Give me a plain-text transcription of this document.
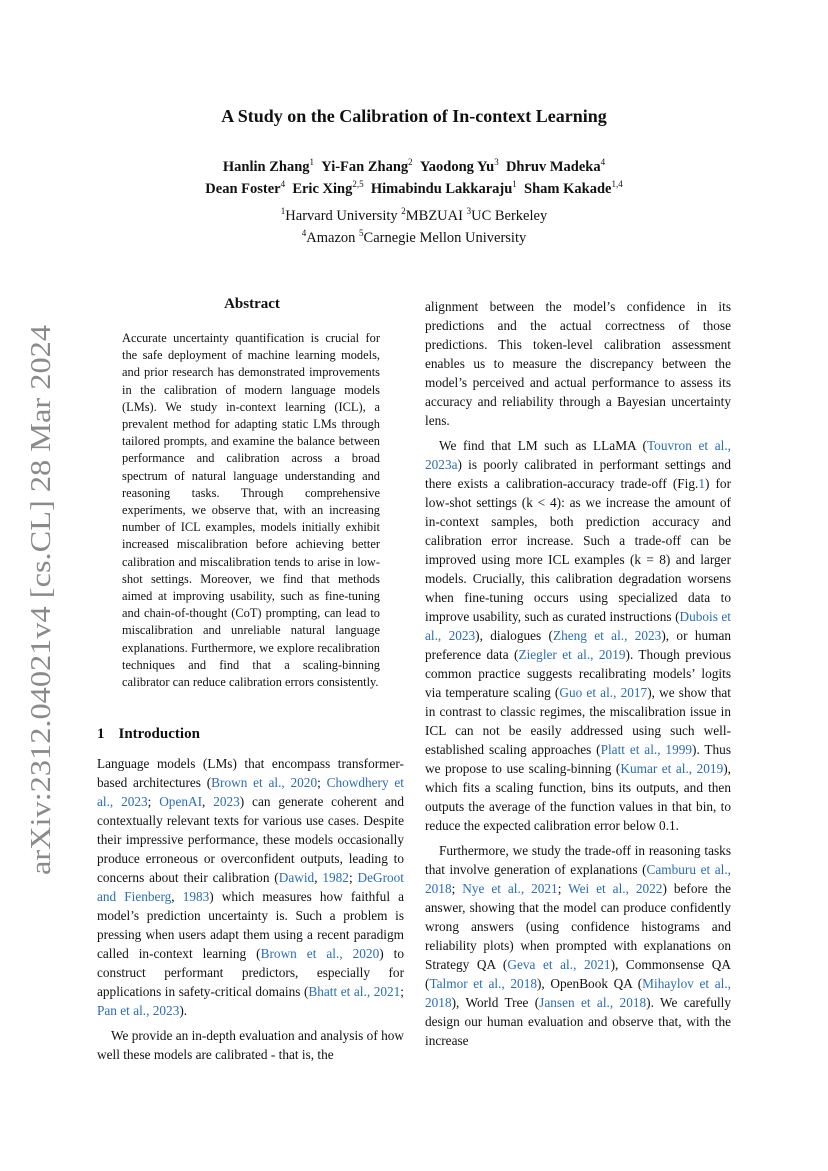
arXiv:2312.04021v4 [cs.CL] 28 Mar 2024
A Study on the Calibration of In-context Learning
Hanlin Zhang$^1$  Yi-Fan Zhang$^2$  Yaodong Yu$^3$  Dhruv Madeka$^4$
Dean Foster$^4$  Eric Xing$^{2,5}$  Himabindu Lakkaraju$^1$  Sham Kakade$^{1,4}$
$^1$Harvard University $^2$MBZUAI $^3$UC Berkeley
$^4$Amazon $^5$Carnegie Mellon University
Abstract
Accurate uncertainty quantification is crucial for the safe deployment of machine learning models, and prior research has demonstrated improvements in the calibration of modern language models (LMs). We study in-context learning (ICL), a prevalent method for adapting static LMs through tailored prompts, and examine the balance between performance and calibration across a broad spectrum of natural language understanding and reasoning tasks. Through comprehensive experiments, we observe that, with an increasing number of ICL examples, models initially exhibit increased miscalibration before achieving better calibration and miscalibration tends to arise in low-shot settings. Moreover, we find that methods aimed at improving usability, such as fine-tuning and chain-of-thought (CoT) prompting, can lead to miscalibration and unreliable natural language explanations. Furthermore, we explore recalibration techniques and find that a scaling-binning calibrator can reduce calibration errors consistently.
1 Introduction

Language models (LMs) that encompass transformer-based architectures (Brown et al., 2020; Chowdhery et al., 2023; OpenAI, 2023) can generate coherent and contextually relevant texts for various use cases. Despite their impressive performance, these models occasionally produce erroneous or overconfident outputs, leading to concerns about their calibration (Dawid, 1982; DeGroot and Fienberg, 1983) which measures how faithful a model’s prediction uncertainty is. Such a problem is pressing when users adapt them using a recent paradigm called in-context learning (Brown et al., 2020) to construct performant predictors, especially for applications in safety-critical domains (Bhatt et al., 2021; Pan et al., 2023).

We provide an in-depth evaluation and analysis of how well these models are calibrated - that is, the

alignment between the model’s confidence in its predictions and the actual correctness of those predictions. This token-level calibration assessment enables us to measure the discrepancy between the model’s perceived and actual performance to assess its accuracy and reliability through a Bayesian uncertainty lens.

We find that LM such as LLaMA (Touvron et al., 2023a) is poorly calibrated in performant settings and there exists a calibration-accuracy trade-off (Fig.1) for low-shot settings (k < 4): as we increase the amount of in-context samples, both prediction accuracy and calibration error increase. Such a trade-off can be improved using more ICL examples (k = 8) and larger models. Crucially, this calibration degradation worsens when fine-tuning occurs using specialized data to improve usability, such as curated instructions (Dubois et al., 2023), dialogues (Zheng et al., 2023), or human preference data (Ziegler et al., 2019). Though previous common practice suggests recalibrating models’ logits via temperature scaling (Guo et al., 2017), we show that in contrast to classic regimes, the miscalibration issue in ICL can not be easily addressed using such well-established scaling approaches (Platt et al., 1999). Thus we propose to use scaling-binning (Kumar et al., 2019), which fits a scaling function, bins its outputs, and then outputs the average of the function values in that bin, to reduce the expected calibration error below 0.1.

Furthermore, we study the trade-off in reasoning tasks that involve generation of explanations (Camburu et al., 2018; Nye et al., 2021; Wei et al., 2022) before the answer, showing that the model can produce confidently wrong answers (using confidence histograms and reliability plots) when prompted with explanations on Strategy QA (Geva et al., 2021), Commonsense QA (Talmor et al., 2018), OpenBook QA (Mihaylov et al., 2018), World Tree (Jansen et al., 2018). We carefully design our human evaluation and observe that, with the increase
